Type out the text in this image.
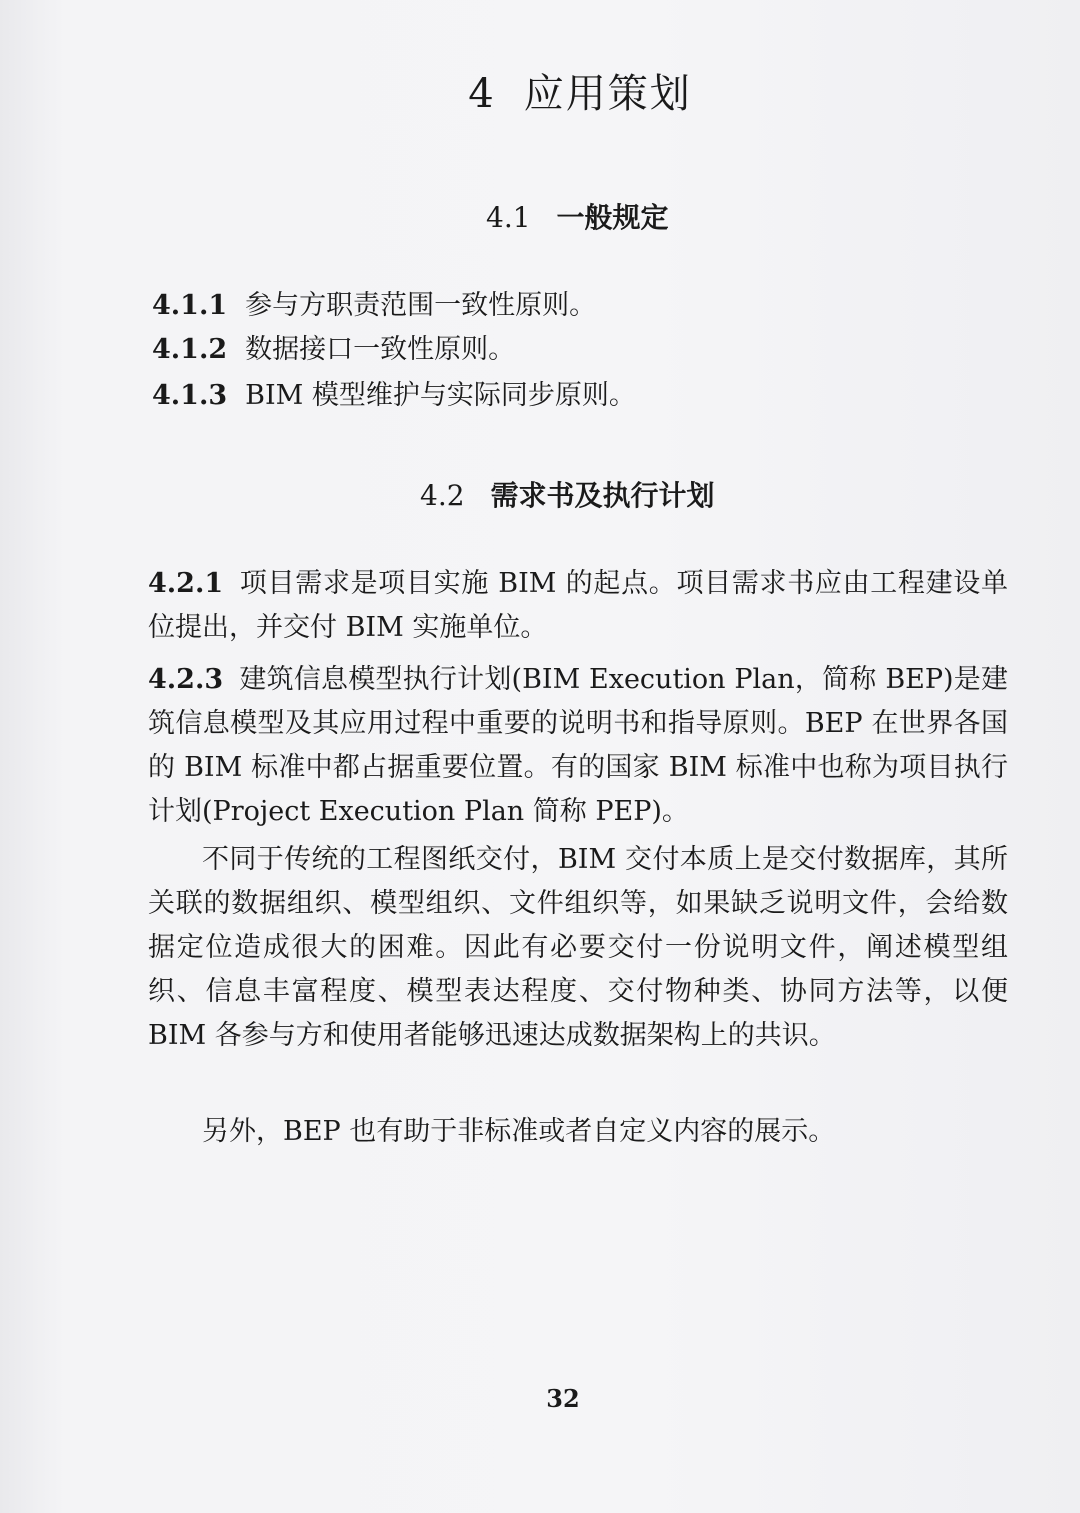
4 应用策划
4.1 一般规定
4.1.1 参与方职责范围一致性原则。
4.1.2 数据接口一致性原则。
4.1.3 BIM 模型维护与实际同步原则。
4.2 需求书及执行计划
4.2.1 项目需求是项目实施 BIM 的起点。项目需求书应由工程建设单位提出，并交付 BIM 实施单位。
4.2.3 建筑信息模型执行计划(BIM Execution Plan，简称 BEP)是建筑信息模型及其应用过程中重要的说明书和指导原则。BEP 在世界各国的 BIM 标准中都占据重要位置。有的国家 BIM 标准中也称为项目执行计划(Project Execution Plan 简称 PEP)。
不同于传统的工程图纸交付，BIM 交付本质上是交付数据库，其所关联的数据组织、模型组织、文件组织等，如果缺乏说明文件，会给数据定位造成很大的困难。因此有必要交付一份说明文件，阐述模型组织、信息丰富程度、模型表达程度、交付物种类、协同方法等，以便 BIM 各参与方和使用者能够迅速达成数据架构上的共识。
另外，BEP 也有助于非标准或者自定义内容的展示。
32
